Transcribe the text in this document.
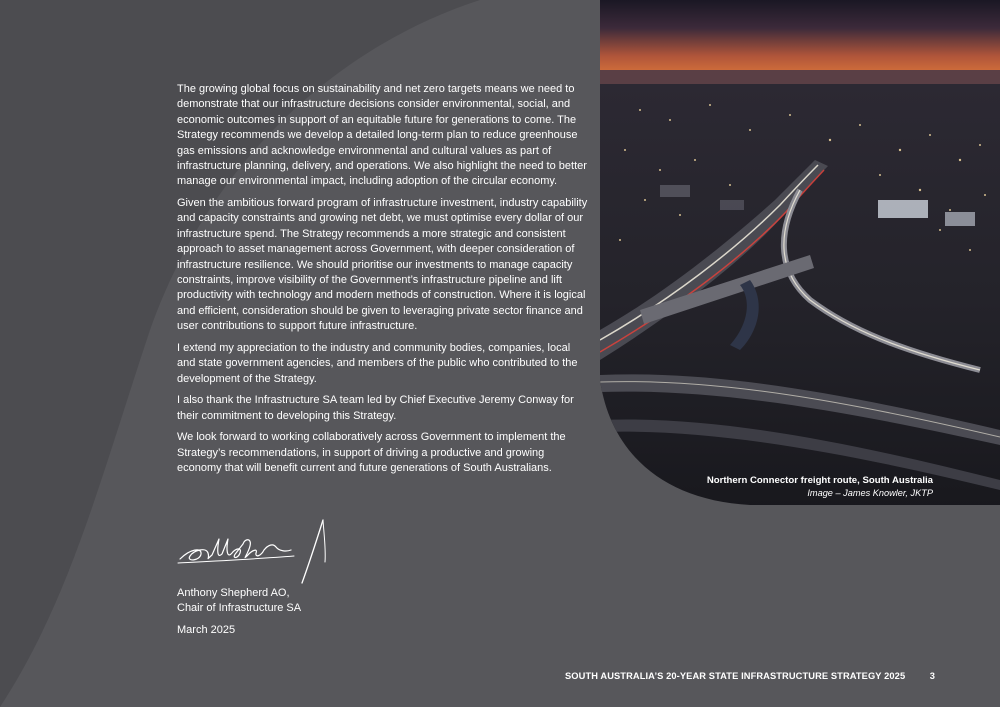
The growing global focus on sustainability and net zero targets means we need to demonstrate that our infrastructure decisions consider environmental, social, and economic outcomes in support of an equitable future for generations to come. The Strategy recommends we develop a detailed long-term plan to reduce greenhouse gas emissions and acknowledge environmental and cultural values as part of infrastructure planning, delivery, and operations. We also highlight the need to better manage our environmental impact, including adoption of the circular economy.

Given the ambitious forward program of infrastructure investment, industry capability and capacity constraints and growing net debt, we must optimise every dollar of our infrastructure spend. The Strategy recommends a more strategic and consistent approach to asset management across Government, with deeper consideration of infrastructure resilience. We should prioritise our investments to manage capacity constraints, improve visibility of the Government’s infrastructure pipeline and lift productivity with technology and modern methods of construction. Where it is logical and efficient, consideration should be given to leveraging private sector finance and user contributions to support future infrastructure.

I extend my appreciation to the industry and community bodies, companies, local and state government agencies, and members of the public who contributed to the development of the Strategy.

I also thank the Infrastructure SA team led by Chief Executive Jeremy Conway for their commitment to developing this Strategy.

We look forward to working collaboratively across Government to implement the Strategy’s recommendations, in support of driving a productive and growing economy that will benefit current and future generations of South Australians.

Anthony Shepherd AO,
Chair of Infrastructure SA
March 2025
Northern Connector freight route, South Australia
Image – James Knowler, JKTP
SOUTH AUSTRALIA’S 20-YEAR STATE INFRASTRUCTURE STRATEGY 2025	3
